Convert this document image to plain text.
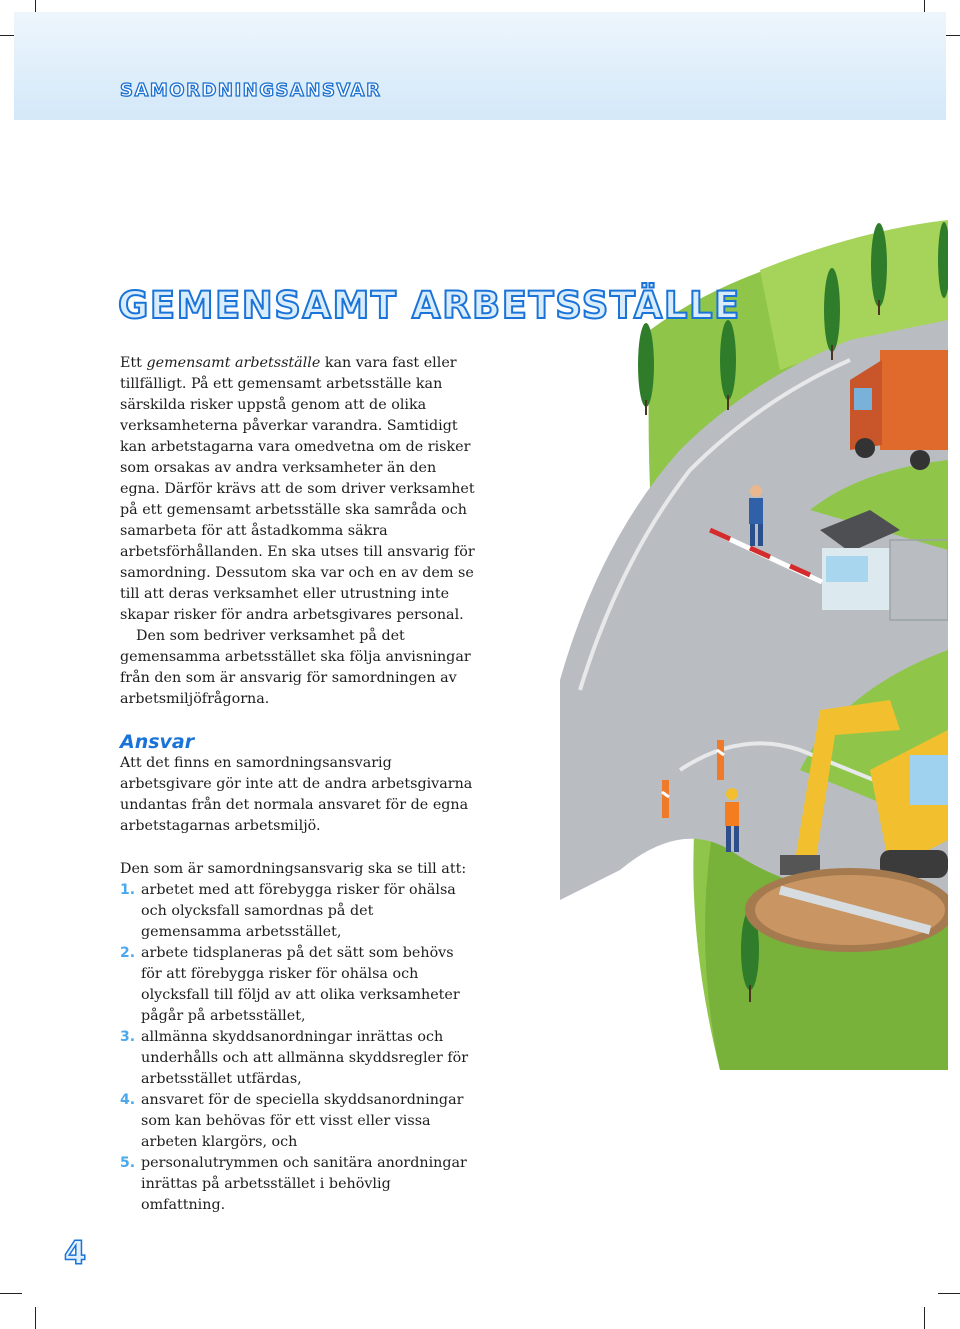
SAMORDNINGSANSVAR
GEMENSAMT ARBETSSTÄLLE

Ett gemensamt arbetsställe kan vara fast eller tillfälligt. På ett gemensamt arbetsställe kan särskilda risker uppstå genom att de olika verksamheterna påverkar varandra. Samtidigt kan arbetstagarna vara omedvetna om de risker som orsakas av andra verksamheter än den egna. Därför krävs att de som driver verksamhet på ett gemensamt arbetsställe ska samråda och samarbeta för att åstadkomma säkra arbetsförhållanden. En ska utses till ansvarig för samordning. Dessutom ska var och en av dem se till att deras verksamhet eller utrustning inte skapar risker för andra arbetsgivares personal.

Den som bedriver verksamhet på det gemensamma arbetsstället ska följa anvisningar från den som är ansvarig för samordningen av arbetsmiljöfrågorna.

Ansvar

Att det finns en samordningsansvarig arbetsgivare gör inte att de andra arbetsgivarna undantas från det normala ansvaret för de egna arbetstagarnas arbetsmiljö.

Den som är samordningsansvarig ska se till att:

1. arbetet med att förebygga risker för ohälsa och olycksfall samordnas på det gemensamma arbetsstället,
2. arbete tidsplaneras på det sätt som behövs för att förebygga risker för ohälsa och olycksfall till följd av att olika verksamheter pågår på arbetsstället,
3. allmänna skyddsanordningar inrättas och underhålls och att allmänna skyddsregler för arbetsstället utfärdas,
4. ansvaret för de speciella skyddsanordningar som kan behövas för ett visst eller vissa arbeten klargörs, och
5. personalutrymmen och sanitära anordningar inrättas på arbetsstället i behövlig omfattning.
4
